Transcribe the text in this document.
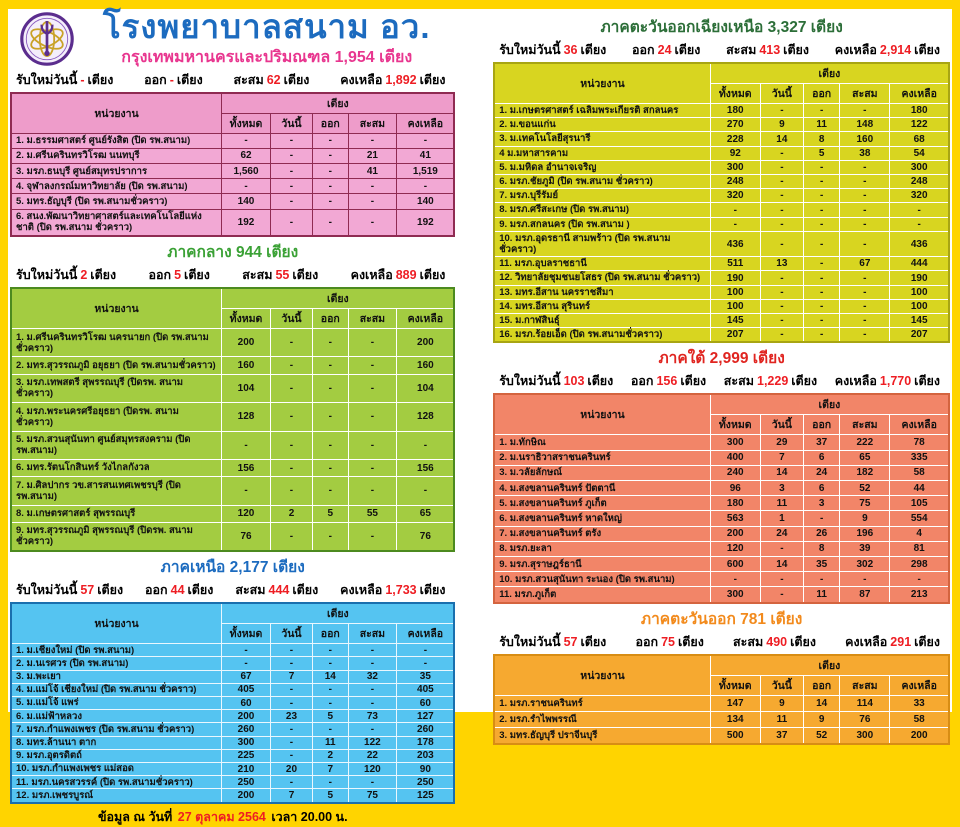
โรงพยาบาลสนาม อว.
กรุงเทพมหานครและปริมณฑล 1,954 เตียง
รับใหม่วันนี้ - เตียง ออก - เตียง สะสม 62 เตียง คงเหลือ 1,892 เตียง
หน่วยงาน	เตียง				
	ทั้งหมด	วันนี้	ออก	สะสม	คงเหลือ
1. ม.ธรรมศาสตร์ ศูนย์รังสิต (ปิด รพ.สนาม)	-	-	-	-	-
2. ม.ศรีนครินทรวิโรฒ นนทบุรี	62	-	-	21	41
3. มรภ.ธนบุรี ศูนย์สมุทรปราการ	1,560	-	-	41	1,519
4. จุฬาลงกรณ์มหาวิทยาลัย (ปิด รพ.สนาม)	-	-	-	-	-
5. มทร.ธัญบุรี (ปิด รพ.สนามชั่วคราว)	140	-	-	-	140
6. สนง.พัฒนาวิทยาศาสตร์และเทคโนโลยีแห่งชาติ (ปิด รพ.สนาม ชั่วคราว)	192	-	-	-	192
ภาคกลาง 944 เตียง
รับใหม่วันนี้ 2 เตียง	ออก 5 เตียง	สะสม 55 เตียง	คงเหลือ 889 เตียง
หน่วยงาน	เตียง				
	ทั้งหมด	วันนี้	ออก	สะสม	คงเหลือ
1. ม.ศรีนครินทรวิโรฒ นครนายก (ปิด รพ.สนามชั่วคราว)	200	-	-	-	200
2. มทร.สุวรรณภูมิ อยุธยา (ปิด รพ.สนามชั่วคราว)	160	-	-	-	160
3. มรภ.เทพสตรี สุพรรณบุรี (ปิดรพ. สนาม ชั่วคราว)	104	-	-	-	104
4. มรภ.พระนครศรีอยุธยา (ปิดรพ. สนาม ชั่วคราว)	128	-	-	-	128
5. มรภ.สวนสุนันทา ศูนย์สมุทรสงคราม (ปิด รพ.สนาม)	-	-	-	-	-
6. มทร.รัตนโกสินทร์ วังไกลกังวล	156	-	-	-	156
7. ม.ศิลปากร วข.สารสนเทศเพชรบุรี (ปิด รพ.สนาม)	-	-	-	-	-
8. ม.เกษตรศาสตร์ สุพรรณบุรี	120	2	5	55	65
9. มทร.สุวรรณภูมิ สุพรรณบุรี (ปิดรพ. สนาม ชั่วคราว)	76	-	-	-	76
ภาคเหนือ 2,177 เตียง
รับใหม่วันนี้ 57 เตียง ออก 44 เตียง สะสม 444 เตียง คงเหลือ 1,733 เตียง
หน่วยงาน	เตียง				
	ทั้งหมด	วันนี้	ออก	สะสม	คงเหลือ
1. ม.เชียงใหม่ (ปิด รพ.สนาม)	-	-	-	-	-
2. ม.นเรศวร (ปิด รพ.สนาม)	-	-	-	-	-
3. ม.พะเยา	67	7	14	32	35
4. ม.แม่โจ้ เชียงใหม่ (ปิด รพ.สนาม ชั่วคราว)	405	-	-	-	405
5. ม.แม่โจ้ แพร่	60	-	-	-	60
6. ม.แม่ฟ้าหลวง	200	23	5	73	127
7. มรภ.กำแพงเพชร (ปิด รพ.สนาม ชั่วคราว)	260	-	-	-	260
8. มทร.ล้านนา ตาก	300	-	11	122	178
9. มรภ.อุตรดิตถ์	225	-	2	22	203
10. มรภ.กำแพงเพชร แม่สอด	210	20	7	120	90
11. มรภ.นครสวรรค์ (ปิด รพ.สนามชั่วคราว)	250	-	-	-	250
12. มรภ.เพชรบูรณ์	200	7	5	75	125
ข้อมูล ณ วันที่ 27 ตุลาคม 2564 เวลา 20.00 น.
ภาคตะวันออกเฉียงเหนือ 3,327 เตียง
รับใหม่วันนี้ 36 เตียง ออก 24 เตียง สะสม 413 เตียง คงเหลือ 2,914 เตียง
หน่วยงาน	เตียง				
	ทั้งหมด	วันนี้	ออก	สะสม	คงเหลือ
1. ม.เกษตรศาสตร์ เฉลิมพระเกียรติ สกลนคร	180	-	-	-	180
2. ม.ขอนแก่น	270	9	11	148	122
3. ม.เทคโนโลยีสุรนารี	228	14	8	160	68
4 ม.มหาสารคาม	92	-	5	38	54
5. ม.มหิดล อำนาจเจริญ	300	-	-	-	300
6. มรภ.ชัยภูมิ (ปิด รพ.สนาม ชั่วคราว)	248	-	-	-	248
7. มรภ.บุรีรัมย์	320	-	-	-	320
8. มรภ.ศรีสะเกษ (ปิด รพ.สนาม)	-	-	-	-	-
9. มรภ.สกลนคร (ปิด รพ.สนาม )	-	-	-	-	-
10. มรภ.อุดรธานี สามพร้าว (ปิด รพ.สนาม ชั่วคราว)	436	-	-	-	436
11. มรภ.อุบลราชธานี	511	13	-	67	444
12. วิทยาลัยชุมชนยโสธร (ปิด รพ.สนาม ชั่วคราว)	190	-	-	-	190
13. มทร.อีสาน นครราชสีมา	100	-	-	-	100
14. มทร.อีสาน สุรินทร์	100	-	-	-	100
15. ม.กาฬสินธุ์	145	-	-	-	145
16. มรภ.ร้อยเอ็ด (ปิด รพ.สนามชั่วคราว)	207	-	-	-	207
ภาคใต้ 2,999 เตียง
รับใหม่วันนี้ 103 เตียง ออก 156 เตียง สะสม 1,229 เตียง คงเหลือ 1,770 เตียง
หน่วยงาน	เตียง				
	ทั้งหมด	วันนี้	ออก	สะสม	คงเหลือ
1. ม.ทักษิณ	300	29	37	222	78
2. ม.นราธิวาสราชนครินทร์	400	7	6	65	335
3. ม.วลัยลักษณ์	240	14	24	182	58
4. ม.สงขลานครินทร์ ปัตตานี	96	3	6	52	44
5. ม.สงขลานครินทร์ ภูเก็ต	180	11	3	75	105
6. ม.สงขลานครินทร์ หาดใหญ่	563	1	-	9	554
7. ม.สงขลานครินทร์ ตรัง	200	24	26	196	4
8. มรภ.ยะลา	120	-	8	39	81
9. มรภ.สุราษฎร์ธานี	600	14	35	302	298
10. มรภ.สวนสุนันทา ระนอง (ปิด รพ.สนาม)	-	-	-	-	-
11. มรภ.ภูเก็ต	300	-	11	87	213
ภาคตะวันออก 781 เตียง
รับใหม่วันนี้ 57 เตียง ออก 75 เตียง สะสม 490 เตียง คงเหลือ 291 เตียง
หน่วยงาน	เตียง				
	ทั้งหมด	วันนี้	ออก	สะสม	คงเหลือ
1. มรภ.ราชนครินทร์	147	9	14	114	33
2. มรภ.รำไพพรรณี	134	11	9	76	58
3. มทร.ธัญบุรี ปราจีนบุรี	500	37	52	300	200
